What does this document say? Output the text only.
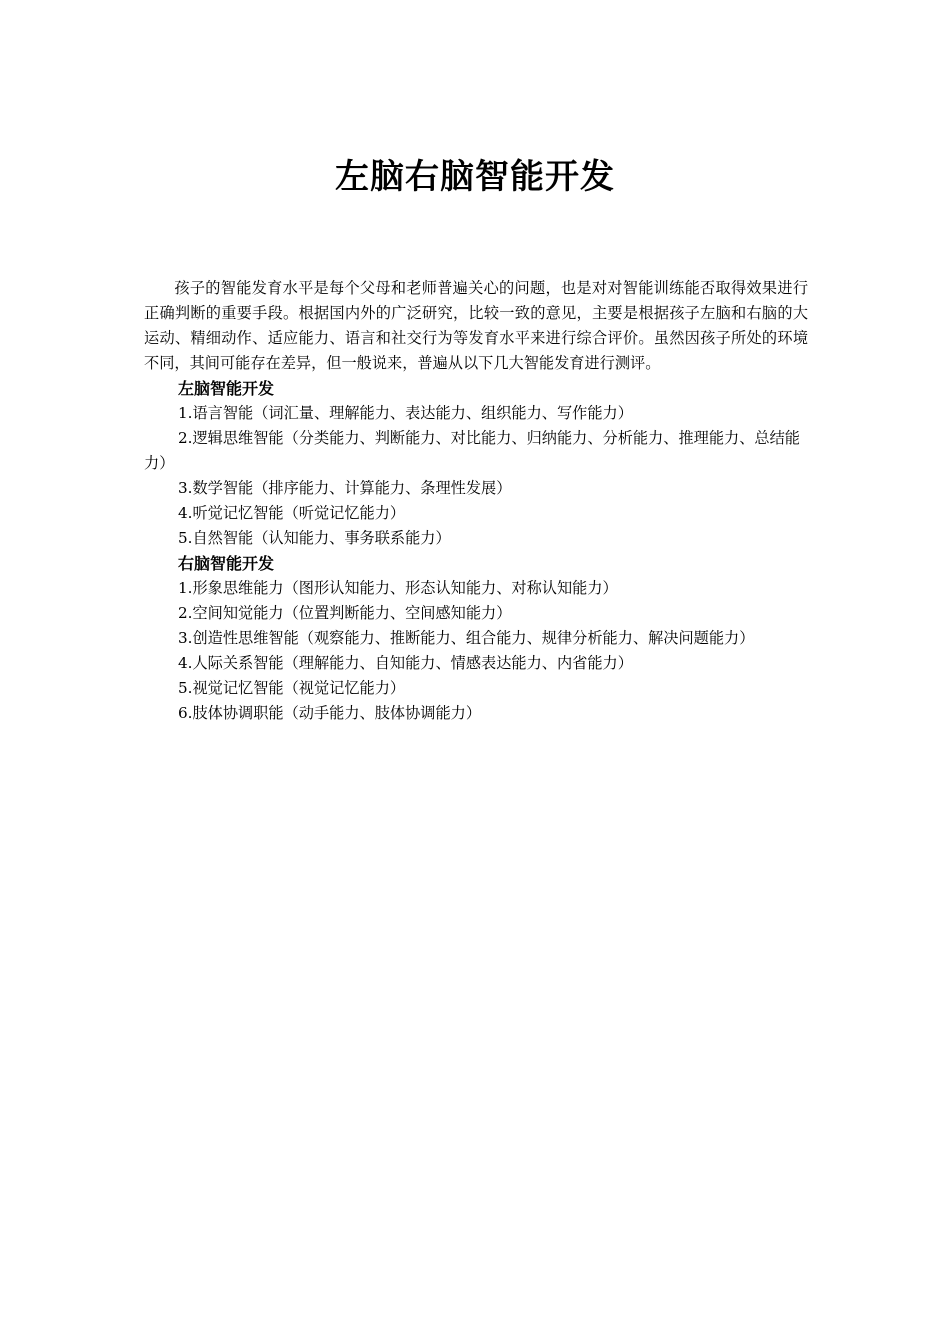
左脑右脑智能开发

孩子的智能发育水平是每个父母和老师普遍关心的问题，也是对对智能训练能否取得效果进行正确判断的重要手段。根据国内外的广泛研究，比较一致的意见，主要是根据孩子左脑和右脑的大运动、精细动作、适应能力、语言和社交行为等发育水平来进行综合评价。虽然因孩子所处的环境不同，其间可能存在差异，但一般说来，普遍从以下几大智能发育进行测评。

左脑智能开发
1.语言智能（词汇量、理解能力、表达能力、组织能力、写作能力）
2.逻辑思维智能（分类能力、判断能力、对比能力、归纳能力、分析能力、推理能力、总结能力）
3.数学智能（排序能力、计算能力、条理性发展）
4.听觉记忆智能（听觉记忆能力）
5.自然智能（认知能力、事务联系能力）
右脑智能开发
1.形象思维能力（图形认知能力、形态认知能力、对称认知能力）
2.空间知觉能力（位置判断能力、空间感知能力）
3.创造性思维智能（观察能力、推断能力、组合能力、规律分析能力、解决问题能力）
4.人际关系智能（理解能力、自知能力、情感表达能力、内省能力）
5.视觉记忆智能（视觉记忆能力）
6.肢体协调职能（动手能力、肢体协调能力）
